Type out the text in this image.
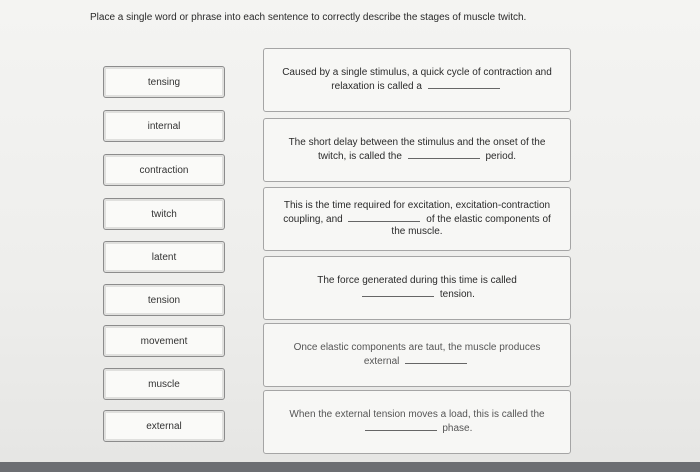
Place a single word or phrase into each sentence to correctly describe the stages of muscle twitch.
tensing
internal
contraction
twitch
latent
tension
movement
muscle
external
Caused by a single stimulus, a quick cycle of contraction and relaxation is called a
The short delay between the stimulus and the onset of the twitch, is called the	period.
This is the time required for excitation, excitation-contraction coupling, and	of the elastic components of the muscle.
The force generated during this time is called  tension.
Once elastic components are taut, the muscle produces external
When the external tension moves a load, this is called the  phase.
